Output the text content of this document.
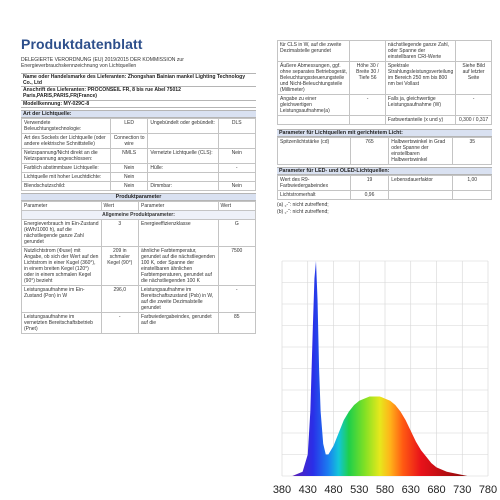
Produktdatenblatt
DELEGIERTE VERORDNUNG (EU) 2019/2015 DER KOMMISSION zur Energieverbrauchskennzeichnung von Lichtquellen
Name oder Handelsmarke des Lieferanten: Zhongshan Bainian mankel Lighting Technology Co., Ltd
Anschrift des Lieferanten: PROCONSEIL FR, 8 bis rue Abel 75012 Paris,PARIS,PARIS,FR(France)
Modellkennung: MY-029C-8
Art der Lichtquelle:
Verwendete Beleuchtungstechnologie:	LED	Ungebündelt oder gebündelt:	DLS
Art des Sockels der Lichtquelle (oder andere elektrische Schnittstelle)	Connection to wire		
Netzspannung/Nicht direkt an die Netzspannung angeschlossen:	NMLS	Vernetzte Lichtquelle (CLS):	Nein
Farblich abstimmbare Lichtquelle:	Nein	Hülle:	-
Lichtquelle mit hoher Leuchtdichte:	Nein		
Blendschutzschild:	Nein	Dimmbar:	Nein
Produktparameter
Parameter	Wert	Parameter	Wert
Allgemeine Produktparameter:			
Energieverbrauch im Ein-Zustand (kWh/1000 h), auf die nächstliegende ganze Zahl gerundet	3	Energieeffizienzklasse	G
Nutzlichtstrom (Φuse) mit Angabe, ob sich der Wert auf den Lichtstrom in einer Kugel (360°), in einem breiten Kegel (120°) oder in einem schmalen Kegel (90°) bezieht	209 in schmaler Kegel (90°)	ähnliche Farbtemperatur, gerundet auf die nächstliegenden 100 K, oder Spanne der einstellbaren ähnlichen Farbtemperaturen, gerundet auf die nächstliegenden 100 K	7500
Leistungsaufnahme im Ein-Zustand (Pon) in W	296,0	Leistungsaufnahme im Bereitschaftszustand (Psb) in W, auf die zweite Dezimalstelle gerundet	-
Leistungsaufnahme im vernetzten Bereitschaftsbetrieb (Pnet)	-	Farbwiedergabeindex, gerundet auf die	85
für CLS in W, auf die zweite Dezimalstelle gerundet		nächstliegende ganze Zahl, oder Spanne der einstellbaren CRI-Werte	
Äußere Abmessungen, ggf. ohne separates Betriebsgerät, Beleuchtungssteuerungsteile und Nicht-Beleuchtungsteile (Millimeter)	Höhe 30 / Breite 30 / Tiefe 56	Spektrale Strahlungsleistungsverteilung im Bereich 250 nm bis 800 nm bei Vollast	Siehe Bild auf letzter Seite
Angabe zu einer gleichwertigen Leistungsaufnahme(a)	-	Falls ja, gleichwertige Leistungsaufnahme (W)	-
		Farbwertanteile (x und y)	0,300 / 0,317
Parameter für Lichtquellen mit gerichtetem Licht:
Spitzenlichtstärke (cd)	765	Halbwertswinkel in Grad oder Spanne der einstellbaren Halbwertswinkel	35
Parameter für LED- und OLED-Lichtquellen:
Wert des R9-Farbwiedergabeindex	19	Lebensdauerfaktor	1,00
Lichtstromerhalt	0,96		
(a) „-“: nicht zutreffend;
(b) „-“: nicht zutreffend;
380 430 480 530 580 630 680 730 780
